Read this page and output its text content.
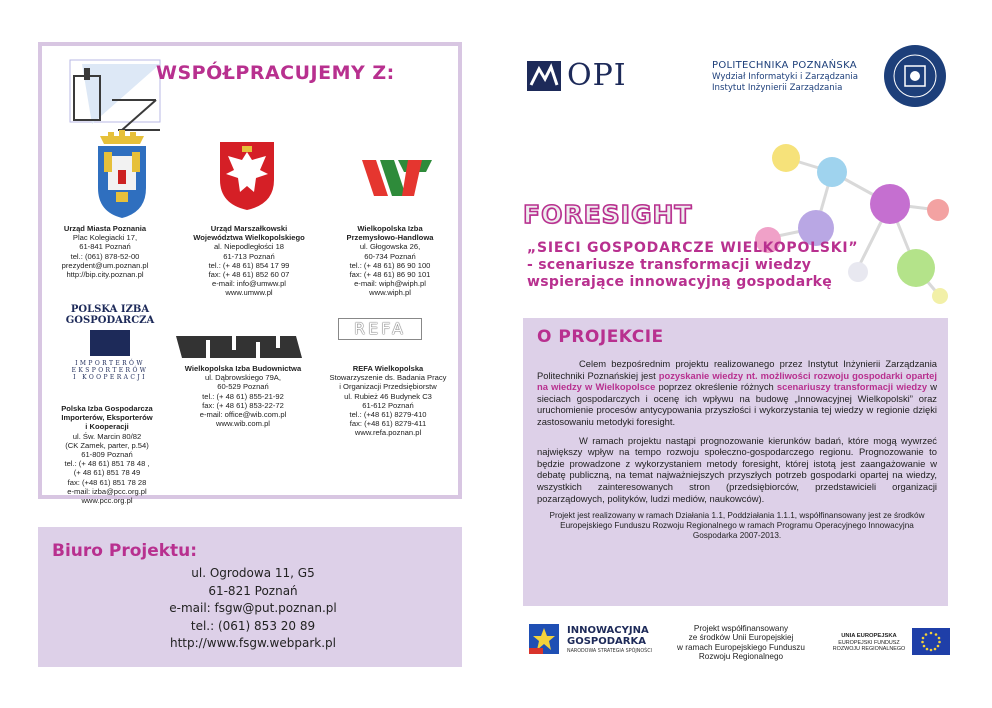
WSPÓŁPRACUJEMY Z:
Urząd Miasta Poznania
Plac Kolegiacki 17,
61-841 Poznań
tel.: (061) 878-52-00
prezydent@um.poznan.pl
http://bip.city.poznan.pl
Urząd Marszałkowski
Województwa Wielkopolskiego
al. Niepodległości 18
61-713 Poznań
tel.: (+ 48 61) 854 17 99
fax: (+ 48 61) 852 60 07
e-mail: info@umww.pl
www.umww.pl
Wielkopolska Izba
Przemysłowo-Handlowa
ul. Głogowska 26,
60-734 Poznań
tel.: (+ 48 61) 86 90 100
fax: (+ 48 61) 86 90 101
e-mail: wiph@wiph.pl
www.wiph.pl
POLSKA IZBA
GOSPODARCZA
IMPORTERÓW
EKSPORTERÓW
I KOOPERACJI
REFA
Polska Izba Gospodarcza
Importerów, Eksporterów
i Kooperacji
ul. Św. Marcin 80/82
(CK Zamek, parter, p.54)
61-809 Poznań
tel.: (+ 48 61) 851 78 48 ,
(+ 48 61) 851 78 49
fax: (+48 61) 851 78 28
e-mail: izba@pcc.org.pl
www.pcc.org.pl
Wielkopolska Izba Budownictwa
ul. Dąbrowskiego 79A,
60-529 Poznań
tel.: (+ 48 61) 855-21-92
fax: (+ 48 61) 853-22-72
e-mail: office@wib.com.pl
www.wib.com.pl
REFA Wielkopolska
Stowarzyszenie ds. Badania Pracy
i Organizacji Przedsiębiorstw
ul. Rubież 46 Budynek C3
61-612 Poznań
tel.: (+48 61) 8279-410
fax: (+48 61) 8279-411
www.refa.poznan.pl
Biuro Projektu:
ul. Ogrodowa 11, G5
61-821 Poznań
e-mail: fsgw@put.poznan.pl
tel.: (061) 853 20 89
http://www.fsgw.webpark.pl
OPI	POLITECHNIKA POZNAŃSKA
Wydział Informatyki i Zarządzania
Instytut Inżynierii Zarządzania
FORESIGHT
„SIECI GOSPODARCZE WIELKOPOLSKI”
- scenariusze transformacji wiedzy
wspierające innowacyjną gospodarkę
O PROJEKCIE

Celem bezpośrednim projektu realizowanego przez Instytut Inżynierii Zarządzania Politechniki Poznańskiej jest pozyskanie wiedzy nt. możliwości rozwoju gospodarki opartej na wiedzy w Wielkopolsce poprzez określenie różnych scenariuszy transformacji wiedzy w sieciach gospodarczych i ocenę ich wpływu na budowę „Innowacyjnej Wielkopolski” oraz uruchomienie procesów antycypowania przyszłości i wykorzystania tej wiedzy w regionie dzięki zastosowaniu metodyki foresight.

W ramach projektu nastąpi prognozowanie kierunków badań, które mogą wywrzeć największy wpływ na tempo rozwoju społeczno-gospodarczego regionu. Prognozowanie to będzie prowadzone z wykorzystaniem metody foresight, której istotą jest zaangażowanie w debatę publiczną, na temat najważniejszych przyszłych potrzeb gospodarki opartej na wiedzy, wszystkich zainteresowanych stron (przedsiębiorców, przedstawicieli organizacji pozarządowych, polityków, ludzi mediów, naukowców).

Projekt jest realizowany w ramach Działania 1.1, Poddziałania 1.1.1, współfinansowany jest ze środków Europejskiego Funduszu Rozwoju Regionalnego w ramach Programu Operacyjnego Innowacyjna Gospodarka 2007-2013.

INNOWACYJNA
GOSPODARKA
NARODOWA STRATEGIA SPÓJNOŚCI
Projekt współfinansowany
ze środków Unii Europejskiej
w ramach Europejskiego Funduszu
Rozwoju Regionalnego
UNIA EUROPEJSKA
EUROPEJSKI FUNDUSZ
ROZWOJU REGIONALNEGO
